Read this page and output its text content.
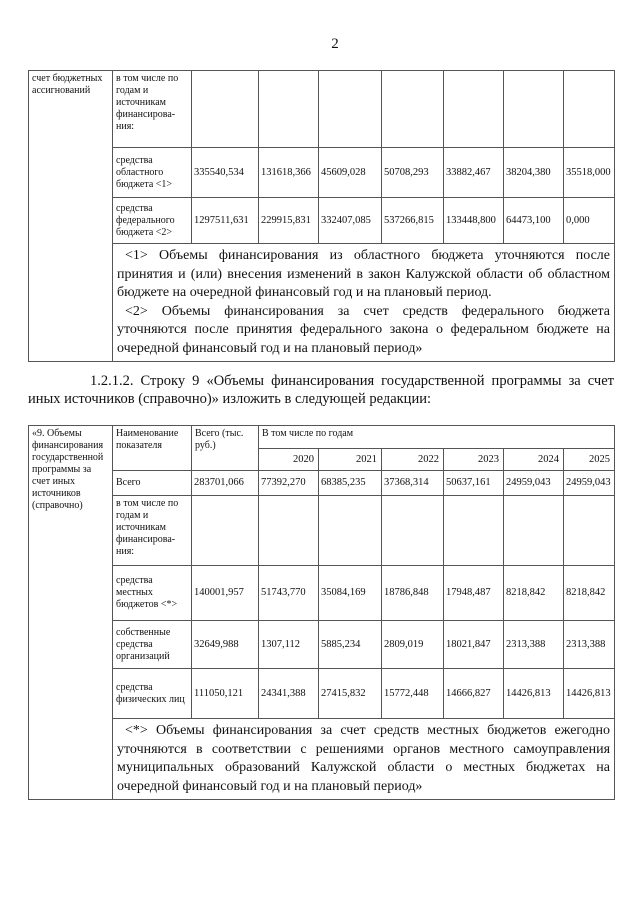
2
счет бюджетных ассигнований	в том числе по годам и источникам финансирова-ния:							
	средства областного бюджета <1>	335540,534	131618,366	45609,028	50708,293	33882,467	38204,380	35518,000
	средства федерального бюджета <2>	1297511,631	229915,831	332407,085	537266,815	133448,800	64473,100	0,000

	<1> Объемы финансирования из областного бюджета уточняются после принятия и (или) внесения изменений в закон Калужской области об областном бюджете на очередной финансовый год и на плановый период.
<2> Объемы финансирования за счет средств федерального бюджета уточняются после принятия федерального закона о федеральном бюджете на очередной финансовый год и на плановый период»							
1.2.1.2. Строку 9 «Объемы финансирования государственной программы за счет иных источников (справочно)» изложить в следующей редакции:
«9. Объемы финансирования государственной программы за счет иных источников (справочно)	Наименование показателя	Всего (тыс. руб.)	В том числе по годам					
			2020	2021	2022	2023	2024	2025
	Всего	283701,066	77392,270	68385,235	37368,314	50637,161	24959,043	24959,043
	в том числе по годам и источникам финансирова-ния:							
	средства местных бюджетов <*>	140001,957	51743,770	35084,169	18786,848	17948,487	8218,842	8218,842
	собственные средства организаций	32649,988	1307,112	5885,234	2809,019	18021,847	2313,388	2313,388
	средства физических лиц	111050,121	24341,388	27415,832	15772,448	14666,827	14426,813	14426,813
	<*> Объемы финансирования за счет средств местных бюджетов ежегодно уточняются в соответствии с решениями органов местного самоуправления муниципальных образований Калужской области о местных бюджетах на очередной финансовый год и на плановый период»							
